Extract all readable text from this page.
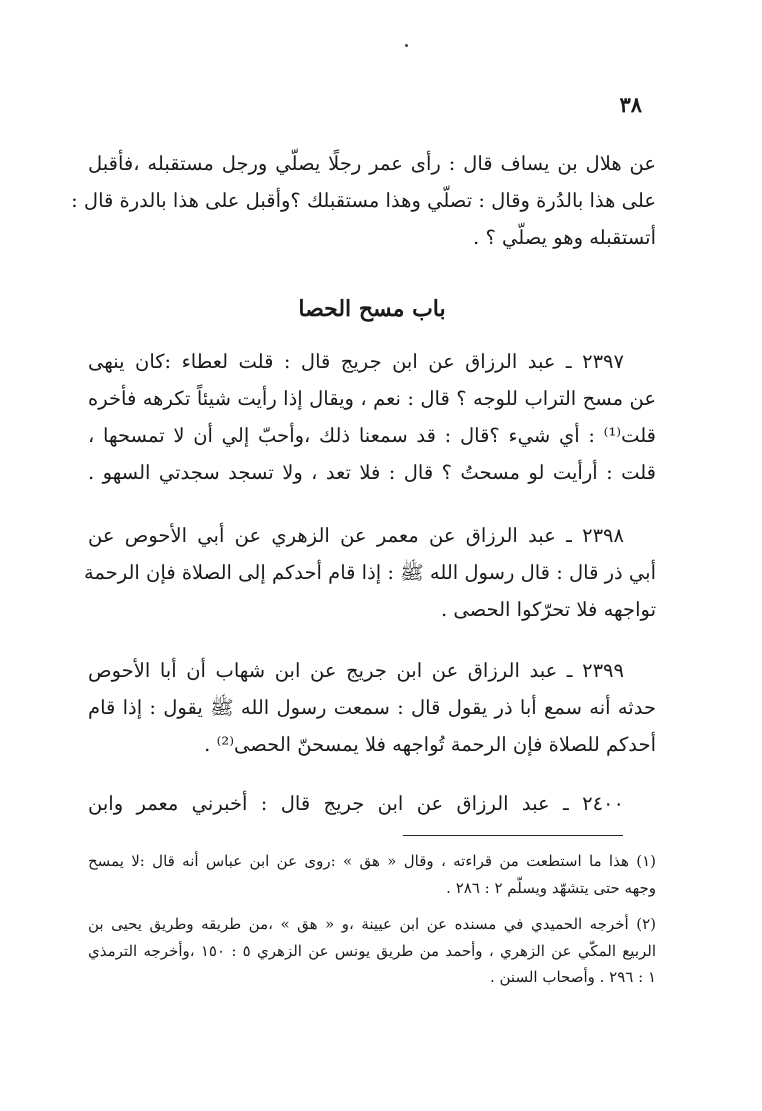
٣٨
عن هلال بن يساف قال : رأى عمر رجلًا يصلّي ورجل مستقبله ،فأقبل
على هذا بالدُرة وقال : تصلّي وهذا مستقبلك ؟وأقبل على هذا بالدرة قال :
أتستقبله وهو يصلّي ؟ .
باب مسح الحصا
٢٣٩٧ ـ عبد الرزاق عن ابن جريج قال : قلت لعطاء :كان ينهى
عن مسح التراب للوجه ؟ قال : نعم ، ويقال إذا رأيت شيئاً تكرهه فأخره
قلت⁽¹⁾ : أي شيء ؟قال : قد سمعنا ذلك ،وأحبّ إلي أن لا تمسحها ،
قلت : أرأيت لو مسحتُ ؟ قال : فلا تعد ، ولا تسجد سجدتي السهو .
٢٣٩٨ ـ عبد الرزاق عن معمر عن الزهري عن أبي الأحوص عن
أبي ذر قال : قال رسول الله ﷺ : إذا قام أحدكم إلى الصلاة فإن الرحمة
تواجهه فلا تحرّكوا الحصى .
٢٣٩٩ ـ عبد الرزاق عن ابن جريج عن ابن شهاب أن أبا الأحوص
حدثه أنه سمع أبا ذر يقول قال : سمعت رسول الله ﷺ يقول : إذا قام
أحدكم للصلاة فإن الرحمة تُواجهه فلا يمسحنّ الحصى⁽²⁾ .
٢٤٠٠ ـ عبد الرزاق عن ابن جريج قال : أخبرني معمر وابن
(١) هذا ما استطعت من قراءته ، وقال « هق » :روى عن ابن عباس أنه قال :لا يمسح
وجهه حتى يتشهّد ويسلّم ٢ : ٢٨٦ .
(٢) أخرجه الحميدي في مسنده عن ابن عيينة ،و « هق » ،من طريقه وطريق يحيى بن
الربيع المكّي عن الزهري ، وأحمد من طريق يونس عن الزهري ٥ : ١٥٠ ،وأخرجه الترمذي
١ : ٢٩٦ . وأصحاب السنن .
